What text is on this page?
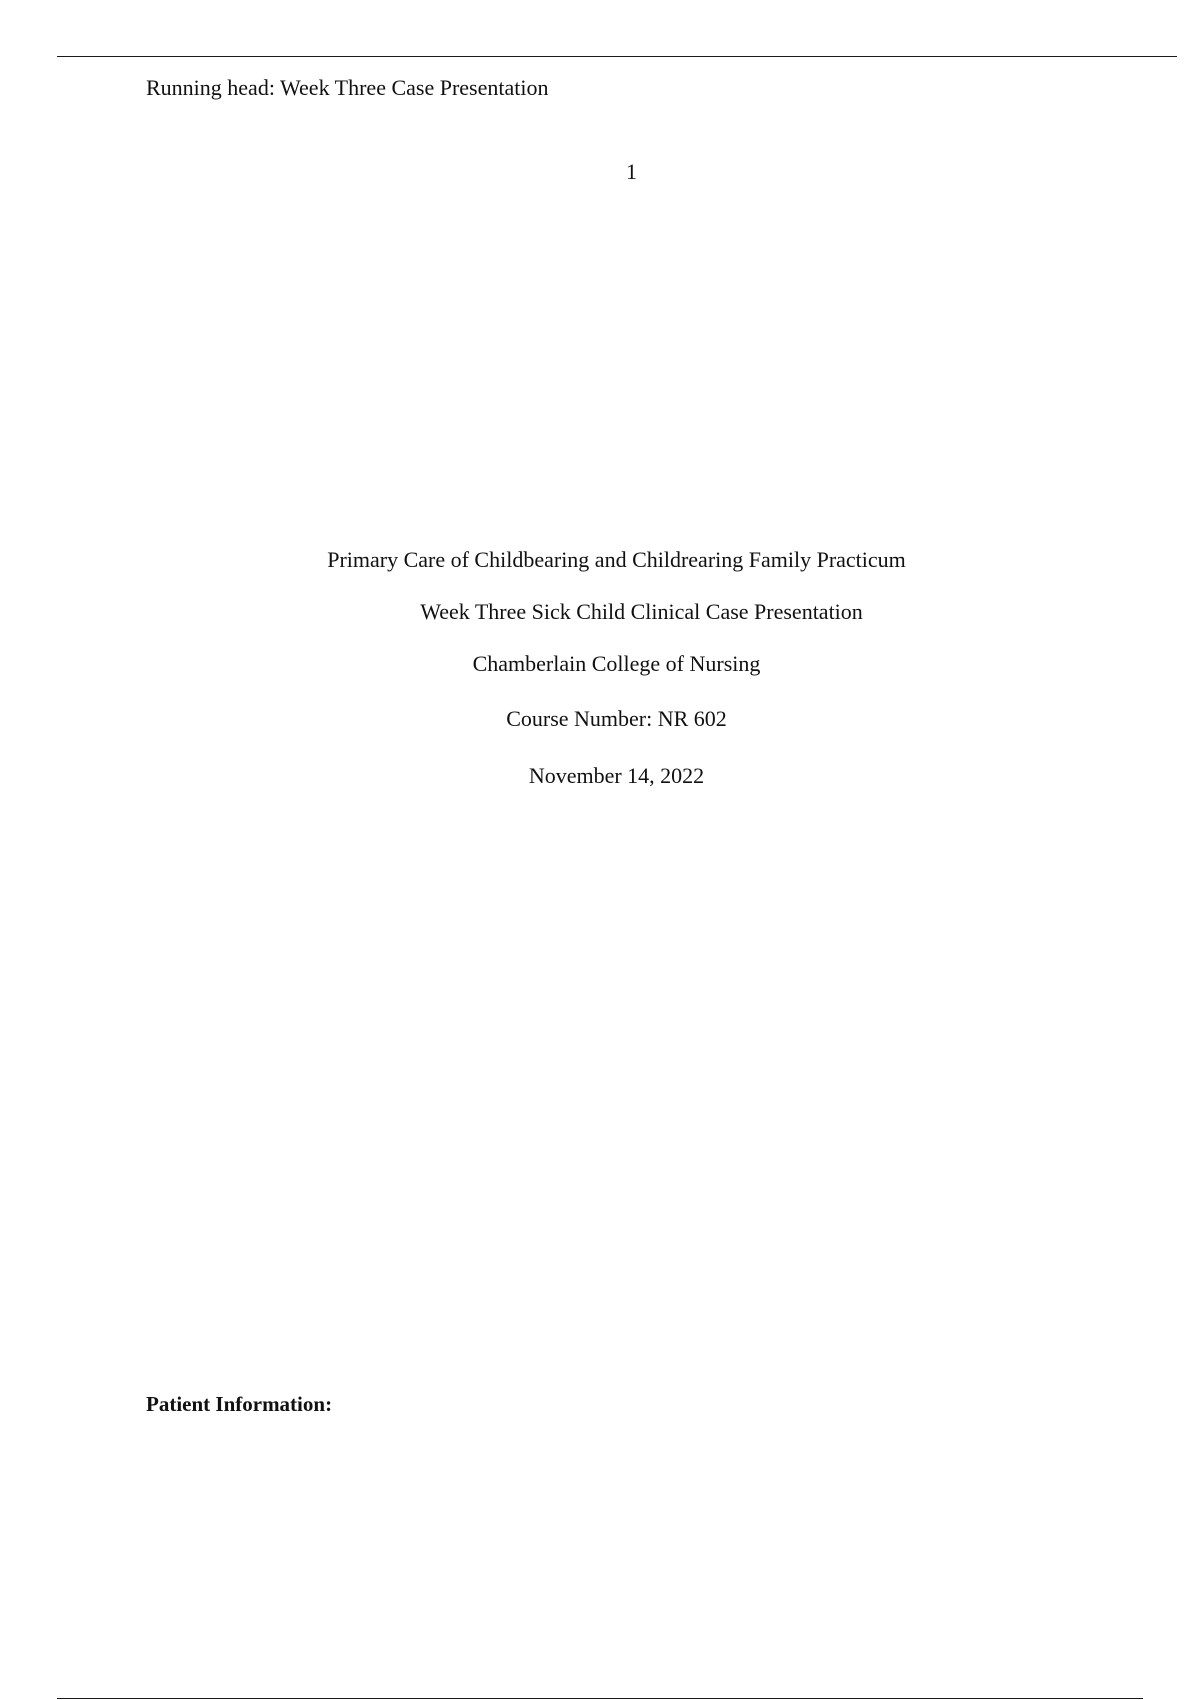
Running head: Week Three Case Presentation
1
Primary Care of Childbearing and Childrearing Family Practicum
Week Three Sick Child Clinical Case Presentation
Chamberlain College of Nursing
Course Number: NR 602
November 14, 2022
Patient Information:
